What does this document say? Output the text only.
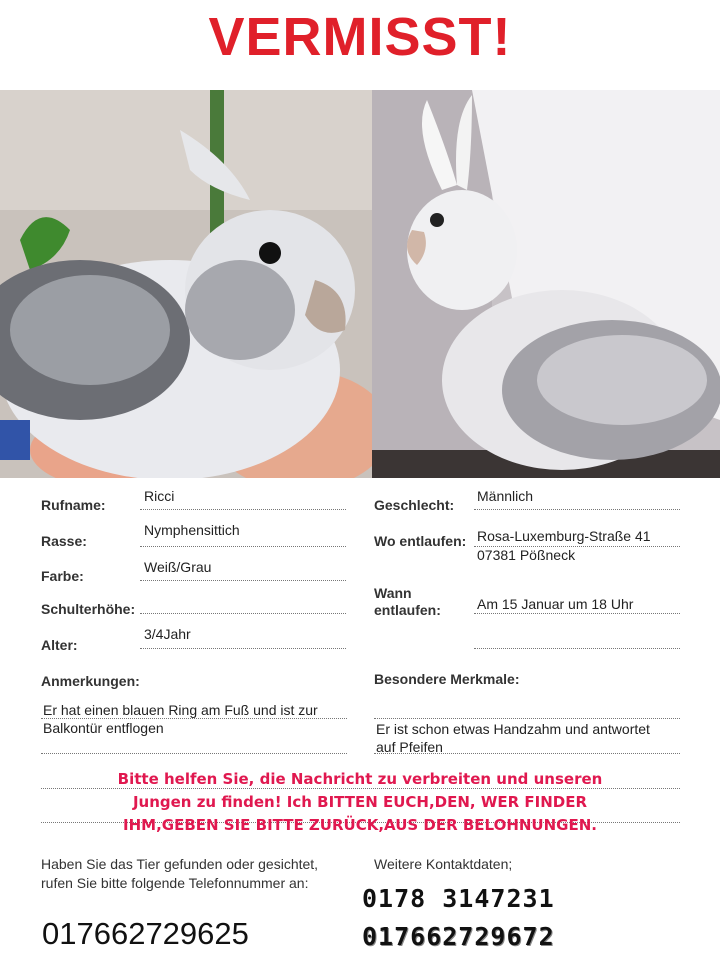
VERMISST!
Rufname:
Ricci
Rasse:
Nymphensittich
Farbe:
Weiß/Grau
Schulterhöhe:
Alter:
3/4Jahr
Geschlecht:
Männlich
Wo entlaufen: Rosa-Luxemburg-Straße 41
07381 Pößneck
Wann
entlaufen:	Am 15 Januar um 18 Uhr
Anmerkungen:
Er hat einen blauen Ring am Fuß und ist zur
Balkontür entflogen
Besondere Merkmale:
Er ist schon etwas Handzahm und antwortet
auf Pfeifen
Bitte helfen Sie, die Nachricht zu verbreiten und unseren
Jungen zu finden! Ich BITTEN EUCH,DEN, WER FINDER
IHM,GEBEN SIE BITTE ZURÜCK,AUS DER BELOHNUNGEN.
Haben Sie das Tier gefunden oder gesichtet,
rufen Sie bitte folgende Telefonnummer an:
Weitere Kontaktdaten;
017662729625
0178 3147231
017662729672
